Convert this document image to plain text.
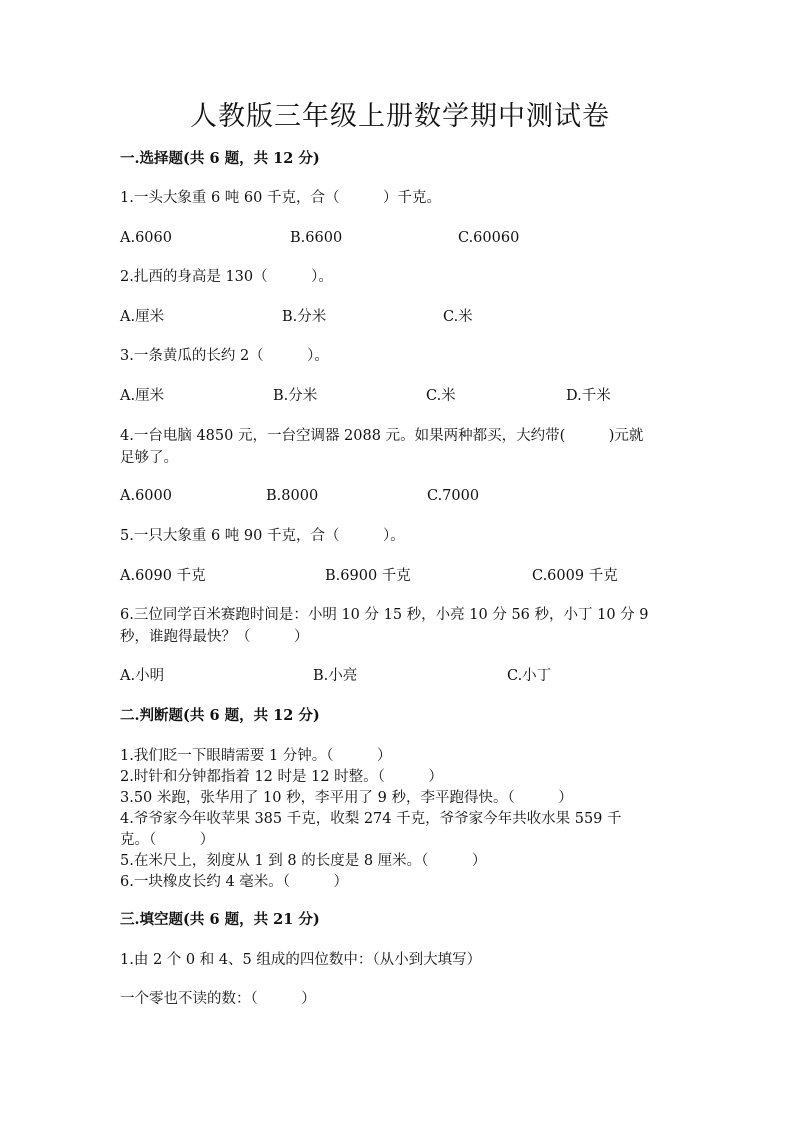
人教版三年级上册数学期中测试卷
一.选择题(共 6 题，共 12 分)
1.一头大象重 6 吨 60 千克，合（　　　）千克。
A.6060	B.6600	C.60060
2.扎西的身高是 130（　　　）。
A.厘米	B.分米	C.米
3.一条黄瓜的长约 2（　　　）。
A.厘米	B.分米	C.米	D.千米
4.一台电脑 4850 元，一台空调器 2088 元。如果两种都买，大约带(　　　)元就
足够了。
A.6000	B.8000	C.7000
5.一只大象重 6 吨 90 千克，合（　　　）。
A.6090 千克	B.6900 千克	C.6009 千克
6.三位同学百米赛跑时间是：小明 10 分 15 秒，小亮 10 分 56 秒，小丁 10 分 9
秒，谁跑得最快？（　　　）
A.小明	B.小亮	C.小丁
二.判断题(共 6 题，共 12 分)
1.我们眨一下眼睛需要 1 分钟。（　　　）
2.时针和分钟都指着 12 时是 12 时整。（　　　）
3.50 米跑，张华用了 10 秒，李平用了 9 秒，李平跑得快。（　　　）
4.爷爷家今年收苹果 385 千克，收梨 274 千克，爷爷家今年共收水果 559 千
克。（　　　）
5.在米尺上，刻度从 1 到 8 的长度是 8 厘米。（　　　）
6.一块橡皮长约 4 毫米。（　　　）
三.填空题(共 6 题，共 21 分)
1.由 2 个 0 和 4、5 组成的四位数中：（从小到大填写）
一个零也不读的数：（　　　）
